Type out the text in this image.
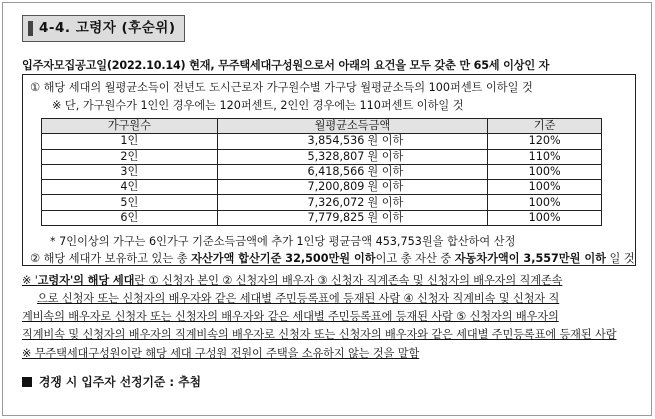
4-4. 고령자 (후순위)
입주자모집공고일(2022.10.14) 현재, 무주택세대구성원으로서 아래의 요건을 모두 갖춘 만 65세 이상인 자
① 해당 세대의 월평균소득이 전년도 도시근로자 가구원수별 가구당 월평균소득의 100퍼센트 이하일 것
※ 단, 가구원수가 1인인 경우에는 120퍼센트, 2인인 경우에는 110퍼센트 이하일 것
가구원수	월평균소득금액	기준
1인	3,854,536 원 이하	120%
2인	5,328,807 원 이하	110%
3인	6,418,566 원 이하	100%
4인	7,200,809 원 이하	100%
5인	7,326,072 원 이하	100%
6인	7,779,825 원 이하	100%
* 7인이상의 가구는 6인가구 기준소득금액에 추가 1인당 평균금액 453,753원을 합산하여 산정
② 해당 세대가 보유하고 있는 총 자산가액 합산기준 32,500만원 이하이고 총 자산 중 자동차가액이 3,557만원 이하 일 것
※ '고령자'의 해당 세대란 ① 신청자 본인 ② 신청자의 배우자 ③ 신청자 직계존속 및 신청자의 배우자의 직계존속
으로 신청자 또는 신청자의 배우자와 같은 세대별 주민등록표에 등재된 사람 ④ 신청자 직계비속 및 신청자 직
계비속의 배우자로 신청자 또는 신청자의 배우자와 같은 세대별 주민등록표에 등재된 사람 ⑤ 신청자의 배우자의
직계비속 및 신청자의 배우자의 직계비속의 배우자로 신청자 또는 신청자의 배우자와 같은 세대별 주민등록표에 등재된 사람
※ 무주택세대구성원이란 해당 세대 구성원 전원이 주택을 소유하지 않는 것을 말함
경쟁 시 입주자 선정기준 : 추첨
